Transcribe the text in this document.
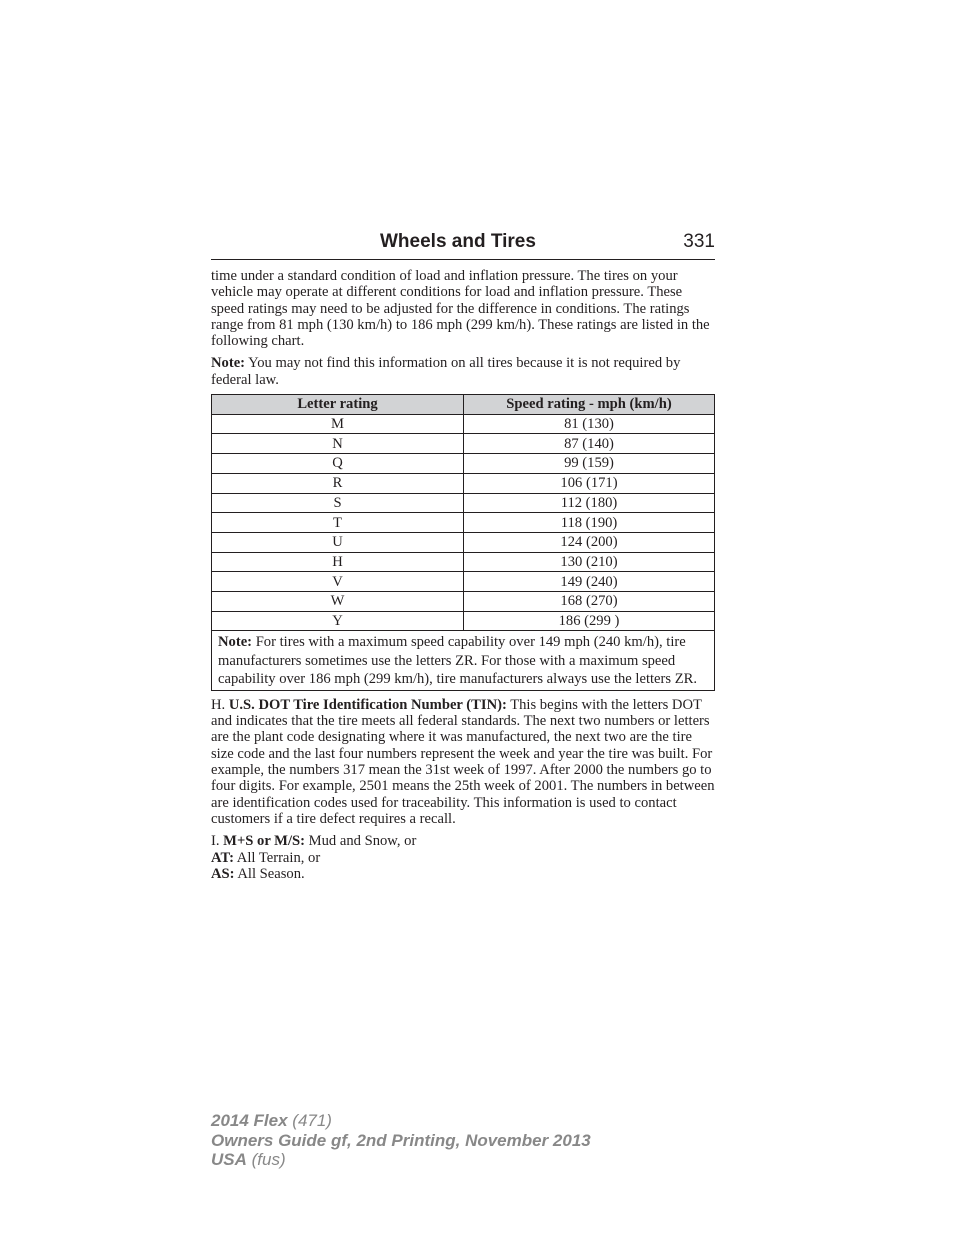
Wheels and Tires	331

time under a standard condition of load and inflation pressure. The tires on your vehicle may operate at different conditions for load and inflation pressure. These speed ratings may need to be adjusted for the difference in conditions. The ratings range from 81 mph (130 km/h) to 186 mph (299 km/h). These ratings are listed in the following chart.

Note: You may not find this information on all tires because it is not required by federal law.

Letter rating	Speed rating - mph (km/h)
M	81 (130)
N	87 (140)
Q	99 (159)
R	106 (171)
S	112 (180)
T	118 (190)
U	124 (200)
H	130 (210)
V	149 (240)
W	168 (270)
Y	186 (299 )
Note: For tires with a maximum speed capability over 149 mph (240 km/h), tire manufacturers sometimes use the letters ZR. For those with a maximum speed capability over 186 mph (299 km/h), tire manufacturers always use the letters ZR.	

H. U.S. DOT Tire Identification Number (TIN): This begins with the letters DOT and indicates that the tire meets all federal standards. The next two numbers or letters are the plant code designating where it was manufactured, the next two are the tire size code and the last four numbers represent the week and year the tire was built. For example, the numbers 317 mean the 31st week of 1997. After 2000 the numbers go to four digits. For example, 2501 means the 25th week of 2001. The numbers in between are identification codes used for traceability. This information is used to contact customers if a tire defect requires a recall.

I. M+S or M/S: Mud and Snow, or

AT: All Terrain, or

AS: All Season.

2014 Flex (471)
Owners Guide gf, 2nd Printing, November 2013
USA (fus)
